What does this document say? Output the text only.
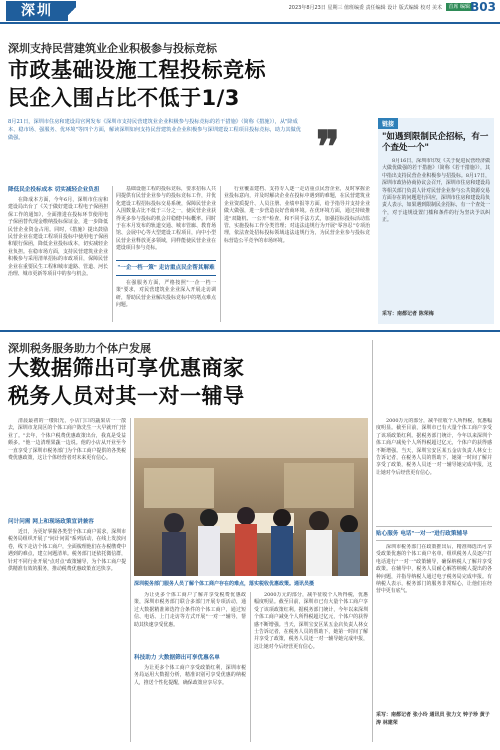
深圳	2023年8月23日 星期三 值班编委 责任编辑 设计 版式编辑 校对 美术	首席 编辑 B03
深圳支持民营建筑业企业积极参与投标竞标
市政基础设施工程投标竞标
民企入围占比不低于1/3
8月21日，深圳市住房和建设局官网发布《深圳市支持民营建筑业企业积极参与投标竞标的若干措施》（简称《措施》），从"降成本、稳市场、强服务、优环境"等四个方面，解读深圳如何支持民营建筑业企业积极参与深圳建设工程项目投标竞标，助力其做优做强。	❞
降低民企投标成本 切实减轻企业负担

在降成本方面，今年6月，深圳市住房和建设局出台了《关于做好建设工程电子保函担保工作的通知》，全面推进在投标环节使用电子保函替代现金缴纳投标保证金，进一步降低民营企业资金占用。同时，《措施》提出鼓励民营企业在建设工程项目投标中使用电子保函和银行保函，降低企业投标成本，切实减轻企业负担。在稳市场方面，支持民营建筑业企业积极参与采用清单招标的市政项目，保障民营企业在重要民生工程和城市道路、管道、河长治理、城市更新等项目中的参与机会。

基础设施工程的投标竞标，要求招标人共同提供有民营企业参与的投标竞标工作，并优化建设工程招标投标交易系统，保障民营企业入围数量占比不低于三分之一，使民营企业获得更多参与投标的机会并稳健中标概率。同时于在本月发布的轨道交通、城市管廊、教育场馆、会展中心等大型建设工程项目，向中小型民营企业释放更多领域，同样能使民营企业在建设项目参与竞标。

"一企一档一策" 走访重点民企帮其解难

在强服务方面，严格按照"一企一档一策"要求，对民营建筑业企业深入开展走访调研，帮助民营企业解决投标竞标中的堵点难点问题。

行业覆盖建档、支持专人逐一走访重点民营企业，及时掌握企业投标意向，并及时解决企业在投标中遇到的难题，在民营建筑业企业资质提升、人员注册、业绩申报等方面，给予指导并支持企业做大做强，进一步营造良好营商环境。在优环境方面，通过持续推进"双随机、一公开"检查，和不同手法方式，加强招标投标活动监管，实施投标工作分类管理；对违法违规行为开展"零容忍"专项治理，依法查处招标投标领域违法违规行为，为民营企业参与投标竞标营造公平竞争的市场环境。

链接
"如遇到限制民企招标，有一个查处一个"

8月16日，深圳市印发《关于促进民营经济做大做优做强的若干措施》（简称《若干措施》），其中指出支持民营企业积极参与招投标。8月17日，深圳市政协协商协议会召开，深圳市住房和建设局等相关部门负责人针对民营企业参与公共资源交易方面存在的问题进行回应，深圳市住房和建设局负责人表示，如果遇到限制民企招标，有一个查处一个，对于违规设置门槛和条件的行为坚决予以纠正。

采写：南都记者 陈荣梅
深圳税务服务助力个体户发展
大数据筛出可享优惠商家
税务人员对其一对一辅导

清晨最初的一缕阳光，小店门口的蔬果店一一散去，深圳市龙岗区的个体工商户陈先生一大早就开门营业了。"去年，个体户税费优惠政策出台，我真是受益颇多。"他一边清理果蔬一边说。他的小店从开业至今一直享受了深圳市税务部门为个体工商户提供的各类税费优惠政策，这让个体经营者对未来更有信心。

问计问需 网上和现场政策宣讲兼容

近日，为更好掌握各类型个体工商户需求，深圳市税务局组织开展了"问计问需"系列活动，在线上发放问卷，线下走访个体工商户，全面梳理他们在办税缴费中遇到的难点，建立问题清单。税务部门还依托微信群，针对不同行业开展"点对点"政策辅导，为个体工商户提供精准有效的服务，推动税费优惠政策直达快享。

深圳税务部门服务人员了解个体工商户存在的难点，落实税收优惠政策。通讯员摄

为让更多个体工商户了解并享受税费优惠政策，深圳市税务部门联合多部门开展专项活动，通过大数据精准筛选符合条件的个体工商户，通过短信、电话、上门走访等方式开展"一对一"辅导，帮助其快速享受优惠。

科技助力 大数据筛出可享优惠名单

为让更多个体工商户享受政策红利，深圳市税务局运用大数据分析，精准识别可享受优惠的纳税人，推送个性化提醒，确保政策应享尽享。

2000万元的部分，减半征收个人所得税，优惠幅度明显。截至目前，深圳市已有大量个体工商户享受了该项政策红利。据税务部门统计，今年以来深圳个体工商户减免个人所得税超过亿元，个体户的获得感不断增强。当天，深圳宝安区某五金店负责人林女士告诉记者，在税务人员的帮助下，她第一时间了解并享受了政策，税务人员还一对一辅导她完成申报，这让她对今后经营更有信心。

2000万元的部分，减半征收个人所得税，优惠幅度明显。截至目前，深圳市已有大量个体工商户享受了该项政策红利。据税务部门统计，今年以来深圳个体工商户减免个人所得税超过亿元，个体户的获得感不断增强。当天，深圳宝安区某五金店负责人林女士告诉记者，在税务人员的帮助下，她第一时间了解并享受了政策，税务人员还一对一辅导她完成申报，这让她对今后经营更有信心。

贴心服务 电话"一对一"进行政策辅导

深圳市税务部门在政策推出后，精准筛选出可享受政策优惠的个体工商户名单，组织税务人员逐户打电话进行"一对一"政策辅导，确保纳税人了解并享受政策。在辅导中，税务人员耐心解答纳税人提出的各种问题，并指导纳税人通过电子税务局完成申报。有纳税人表示，税务部门的服务非常贴心，让他们在经营中更有底气。

采写：南都记者 张小玲 通讯员 张力文 钟子珍 黄子涛 林建荣
